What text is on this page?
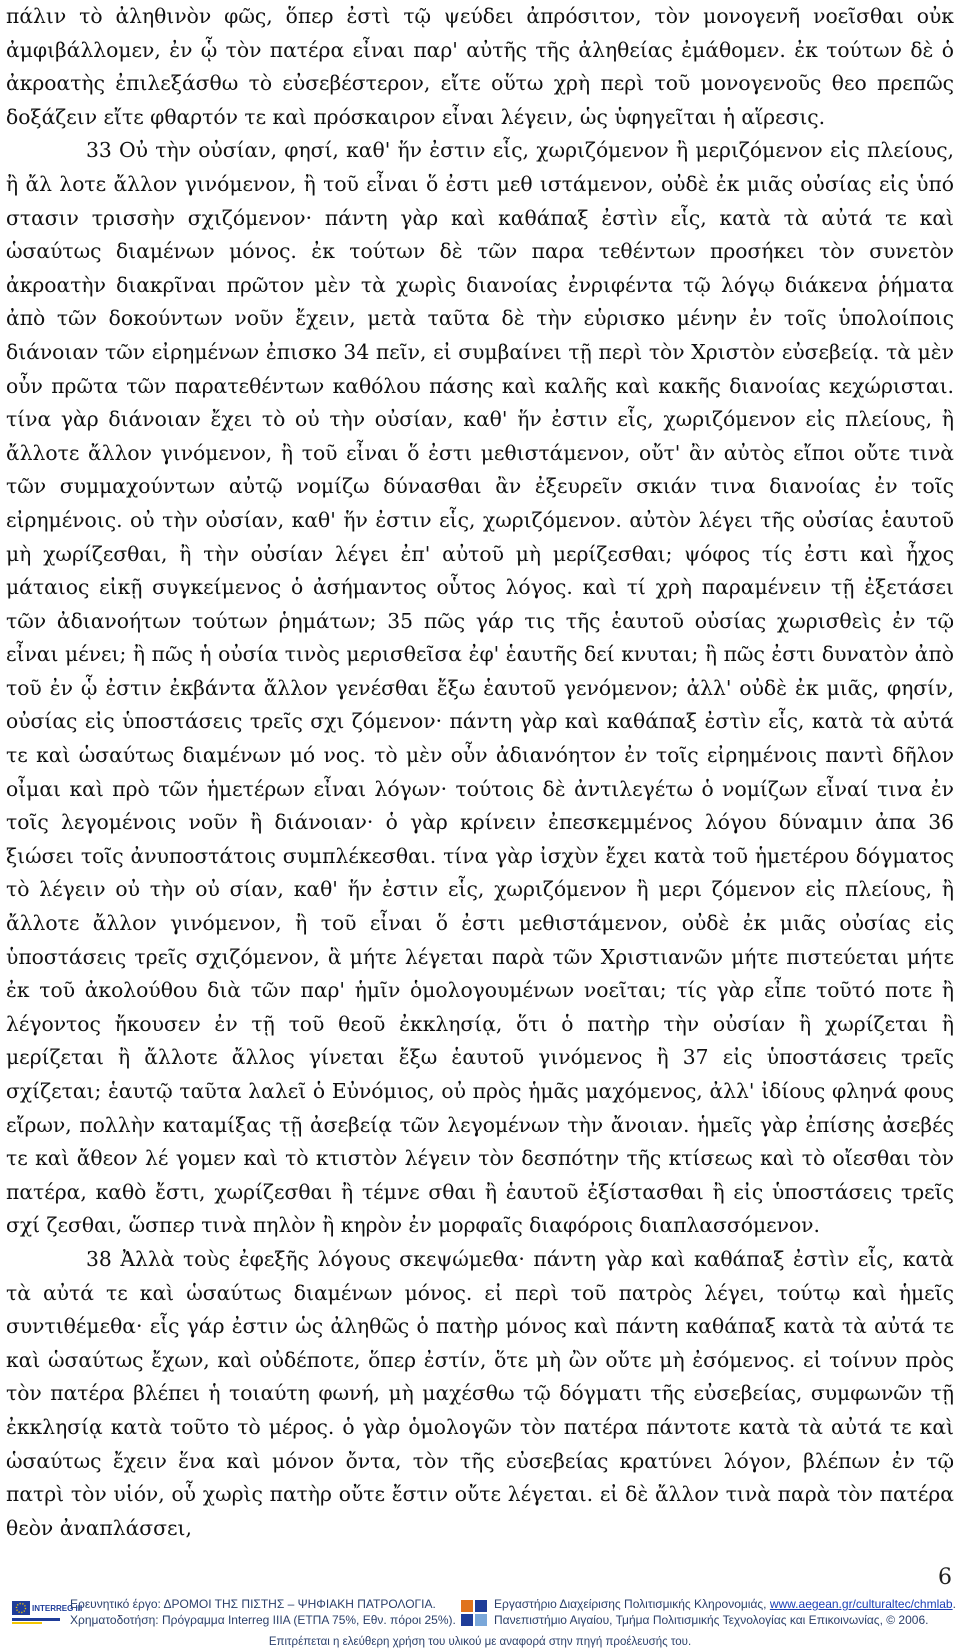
πάλιν τὸ ἀληθινὸν φῶς, ὅπερ ἐστὶ τῷ ψεύδει ἀπρόσιτον, τὸν μονογενῆ νοεῖσθαι οὐκ ἀμφιβάλλομεν, ἐν ᾧ τὸν πατέρα εἶναι παρ' αὐτῆς τῆς ἀληθείας ἐμάθομεν. ἐκ τούτων δὲ ὁ ἀκροατὴς ἐπιλεξάσθω τὸ εὐσεβέστερον, εἴτε οὕτω χρὴ περὶ τοῦ μονογενοῦς θεο πρεπῶς δοξάζειν εἴτε φθαρτόν τε καὶ πρόσκαιρον εἶναι λέγειν, ὡς ὑφηγεῖται ἡ αἵρεσις.

33 Οὐ τὴν οὐσίαν, φησί, καθ' ἥν ἐστιν εἷς, χωριζόμενον ἢ μεριζόμενον εἰς πλείους, ἢ ἄλ λοτε ἄλλον γινόμενον, ἢ τοῦ εἶναι ὅ ἐστι μεθ ιστάμενον, οὐδὲ ἐκ μιᾶς οὐσίας εἰς ὑπό στασιν τρισσὴν σχιζόμενον· πάντη γὰρ καὶ καθάπαξ ἐστὶν εἷς, κατὰ τὰ αὐτά τε καὶ ὡσαύτως διαμένων μόνος. ἐκ τούτων δὲ τῶν παρα τεθέντων προσήκει τὸν συνετὸν ἀκροατὴν διακρῖναι πρῶτον μὲν τὰ χωρὶς διανοίας ἐνριφέντα τῷ λόγῳ διάκενα ῥήματα ἀπὸ τῶν δοκούντων νοῦν ἔχειν, μετὰ ταῦτα δὲ τὴν εὑρισκο μένην ἐν τοῖς ὑπολοίποις διάνοιαν τῶν εἰρημένων ἐπισκο 34 πεῖν, εἰ συμβαίνει τῇ περὶ τὸν Χριστὸν εὐσεβείᾳ. τὰ μὲν οὖν πρῶτα τῶν παρατεθέντων καθόλου πάσης καὶ καλῆς καὶ κακῆς διανοίας κεχώρισται. τίνα γὰρ διάνοιαν ἔχει τὸ οὐ τὴν οὐσίαν, καθ' ἥν ἐστιν εἷς, χωριζόμενον εἰς πλείους, ἢ ἄλλοτε ἄλλον γινόμενον, ἢ τοῦ εἶναι ὅ ἐστι μεθιστάμενον, οὔτ' ἂν αὐτὸς εἴποι οὔτε τινὰ τῶν συμμαχούντων αὐτῷ νομίζω δύνασθαι ἂν ἐξευρεῖν σκιάν τινα διανοίας ἐν τοῖς εἰρημένοις. οὐ τὴν οὐσίαν, καθ' ἥν ἐστιν εἷς, χωριζόμενον. αὐτὸν λέγει τῆς οὐσίας ἑαυτοῦ μὴ χωρίζεσθαι, ἢ τὴν οὐσίαν λέγει ἐπ' αὐτοῦ μὴ μερίζεσθαι; ψόφος τίς ἐστι καὶ ἦχος μάταιος εἰκῇ συγκείμενος ὁ ἀσήμαντος οὗτος λόγος. καὶ τί χρὴ παραμένειν τῇ ἐξετάσει τῶν ἀδιανοήτων τούτων ῥημάτων; 35 πῶς γάρ τις τῆς ἑαυτοῦ οὐσίας χωρισθεὶς ἐν τῷ εἶναι μένει; ἢ πῶς ἡ οὐσία τινὸς μερισθεῖσα ἐφ' ἑαυτῆς δεί κνυται; ἢ πῶς ἐστι δυνατὸν ἀπὸ τοῦ ἐν ᾧ ἐστιν ἐκβάντα ἄλλον γενέσθαι ἔξω ἑαυτοῦ γενόμενον; ἀλλ' οὐδὲ ἐκ μιᾶς, φησίν, οὐσίας εἰς ὑποστάσεις τρεῖς σχι ζόμενον· πάντη γὰρ καὶ καθάπαξ ἐστὶν εἷς, κατὰ τὰ αὐτά τε καὶ ὡσαύτως διαμένων μό νος. τὸ μὲν οὖν ἀδιανόητον ἐν τοῖς εἰρημένοις παντὶ δῆλον οἶμαι καὶ πρὸ τῶν ἡμετέρων εἶναι λόγων· τούτοις δὲ ἀντιλεγέτω ὁ νομίζων εἶναί τινα ἐν τοῖς λεγομένοις νοῦν ἢ διάνοιαν· ὁ γὰρ κρίνειν ἐπεσκεμμένος λόγου δύναμιν ἀπα 36 ξιώσει τοῖς ἀνυποστάτοις συμπλέκεσθαι. τίνα γὰρ ἰσχὺν ἔχει κατὰ τοῦ ἡμετέρου δόγματος τὸ λέγειν οὐ τὴν οὐ σίαν, καθ' ἥν ἐστιν εἷς, χωριζόμενον ἢ μερι ζόμενον εἰς πλείους, ἢ ἄλλοτε ἄλλον γινόμενον, ἢ τοῦ εἶναι ὅ ἐστι μεθιστάμενον, οὐδὲ ἐκ μιᾶς οὐσίας εἰς ὑποστάσεις τρεῖς σχιζόμενον, ἃ μήτε λέγεται παρὰ τῶν Χριστιανῶν μήτε πιστεύεται μήτε ἐκ τοῦ ἀκολούθου διὰ τῶν παρ' ἡμῖν ὁμολογουμένων νοεῖται; τίς γὰρ εἶπε τοῦτό ποτε ἢ λέγοντος ἤκουσεν ἐν τῇ τοῦ θεοῦ ἐκκλησίᾳ, ὅτι ὁ πατὴρ τὴν οὐσίαν ἢ χωρίζεται ἢ μερίζεται ἢ ἄλλοτε ἄλλος γίνεται ἔξω ἑαυτοῦ γινόμενος ἢ 37 εἰς ὑποστάσεις τρεῖς σχίζεται; ἑαυτῷ ταῦτα λαλεῖ ὁ Εὐνόμιος, οὐ πρὸς ἡμᾶς μαχόμενος, ἀλλ' ἰδίους φληνά φους εἴρων, πολλὴν καταμίξας τῇ ἀσεβείᾳ τῶν λεγομένων τὴν ἄνοιαν. ἡμεῖς γὰρ ἐπίσης ἀσεβές τε καὶ ἄθεον λέ γομεν καὶ τὸ κτιστὸν λέγειν τὸν δεσπότην τῆς κτίσεως καὶ τὸ οἴεσθαι τὸν πατέρα, καθὸ ἔστι, χωρίζεσθαι ἢ τέμνε σθαι ἢ ἑαυτοῦ ἐξίστασθαι ἢ εἰς ὑποστάσεις τρεῖς σχί ζεσθαι, ὥσπερ τινὰ πηλὸν ἢ κηρὸν ἐν μορφαῖς διαφόροις διαπλασσόμενον.

38 Ἀλλὰ τοὺς ἐφεξῆς λόγους σκεψώμεθα· πάντη γὰρ καὶ καθάπαξ ἐστὶν εἷς, κατὰ τὰ αὐτά τε καὶ ὡσαύτως διαμένων μόνος. εἰ περὶ τοῦ πατρὸς λέγει, τούτῳ καὶ ἡμεῖς συντιθέμεθα· εἷς γάρ ἐστιν ὡς ἀληθῶς ὁ πατὴρ μόνος καὶ πάντη καθάπαξ κατὰ τὰ αὐτά τε καὶ ὡσαύτως ἔχων, καὶ οὐδέποτε, ὅπερ ἐστίν, ὅτε μὴ ὢν οὔτε μὴ ἐσόμενος. εἰ τοίνυν πρὸς τὸν πατέρα βλέπει ἡ τοιαύτη φωνή, μὴ μαχέσθω τῷ δόγματι τῆς εὐσεβείας, συμφωνῶν τῇ ἐκκλησίᾳ κατὰ τοῦτο τὸ μέρος. ὁ γὰρ ὁμολογῶν τὸν πατέρα πάντοτε κατὰ τὰ αὐτά τε καὶ ὡσαύτως ἔχειν ἕνα καὶ μόνον ὄντα, τὸν τῆς εὐσεβείας κρατύνει λόγον, βλέπων ἐν τῷ πατρὶ τὸν υἱόν, οὗ χωρὶς πατὴρ οὔτε ἔστιν οὔτε λέγεται. εἰ δὲ ἄλλον τινὰ παρὰ τὸν πατέρα θεὸν ἀναπλάσσει,

6
INTERREG III
Ερευνητικό έργο: ΔΡΟΜΟΙ ΤΗΣ ΠΙΣΤΗΣ – ΨΗΦΙΑΚΗ ΠΑΤΡΟΛΟΓΙΑ.
Χρηματοδοτήση: Πρόγραμμα Interreg IIIA (ΕΤΠΑ 75%, Εθν. πόροι 25%).
Εργαστήριο Διαχείρισης Πολιτισμικής Κληρονομιάς, www.aegean.gr/culturaltec/chmlab.
Πανεπιστήμιο Αιγαίου, Τμήμα Πολιτισμικής Τεχνολογίας και Επικοινωνίας, © 2006.
Επιτρέπεται η ελεύθερη χρήση του υλικού με αναφορά στην πηγή προέλευσής του.
